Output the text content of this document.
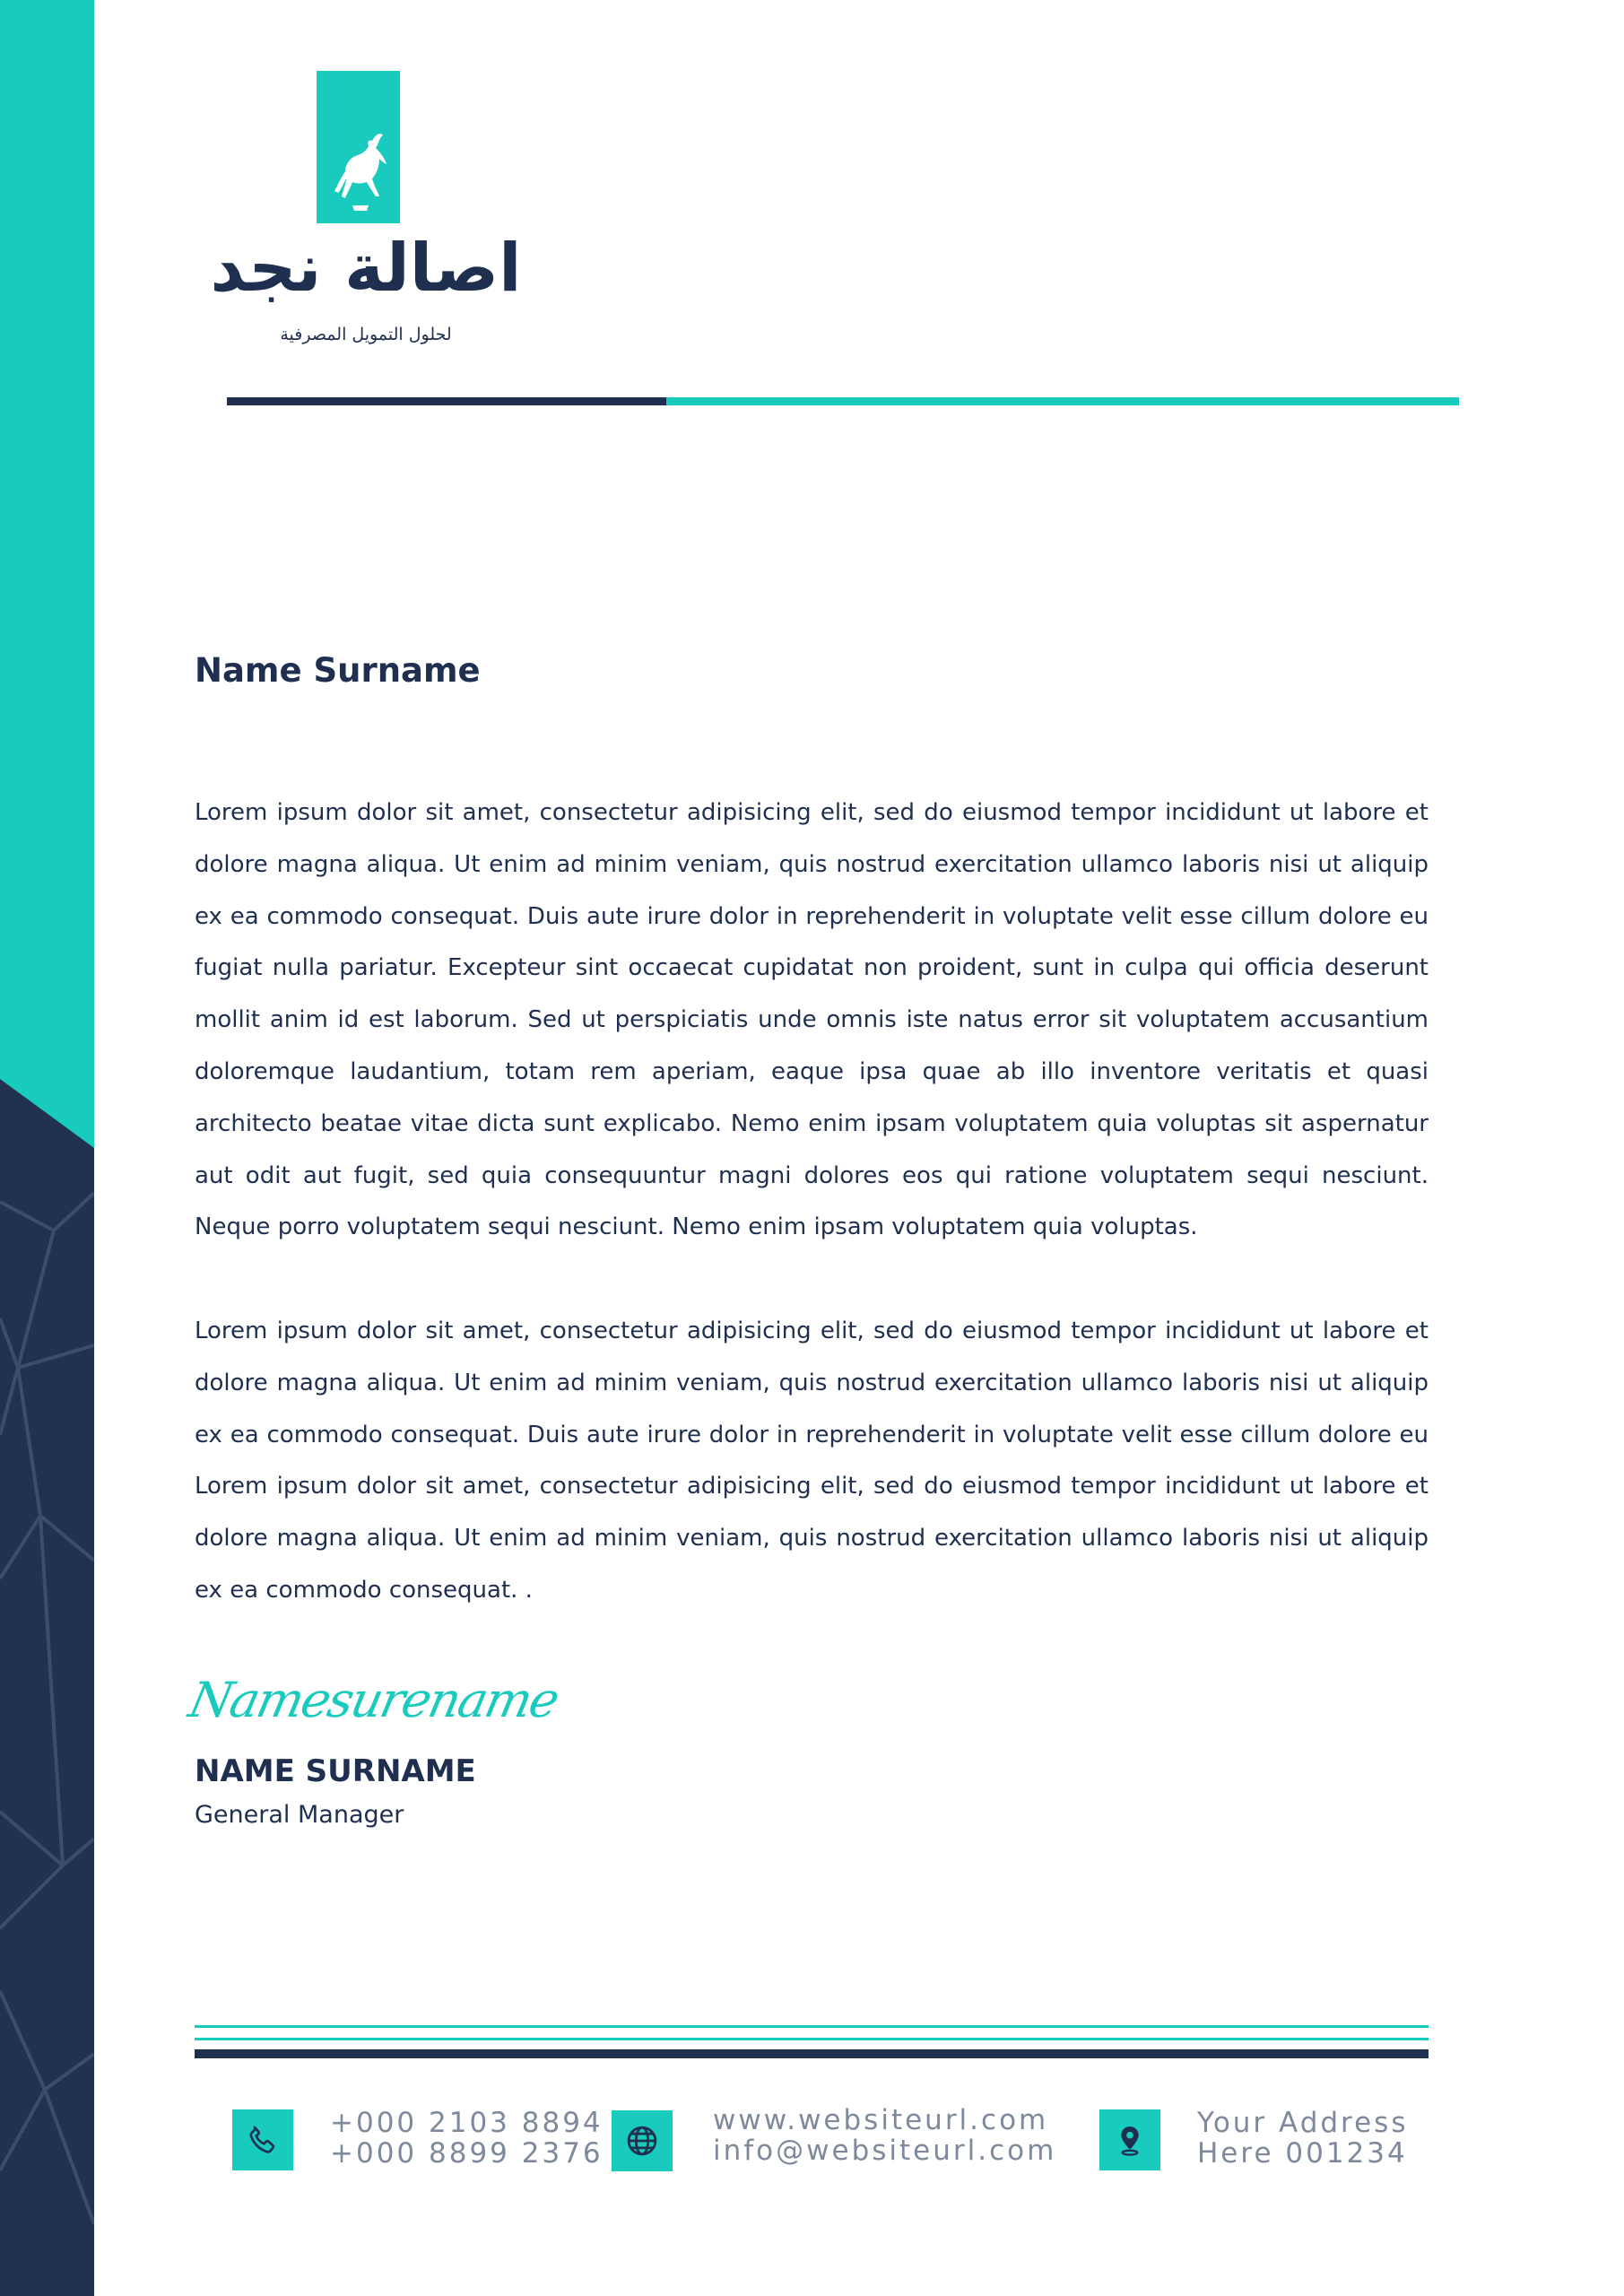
اصالة نجد
لحلول التمويل المصرفية
Name Surname

Lorem ipsum dolor sit amet, consectetur adipisicing elit, sed do eiusmod tempor incididunt ut labore et dolore magna aliqua. Ut enim ad minim veniam, quis nostrud exercitation ullamco laboris nisi ut aliquip ex ea commodo consequat. Duis aute irure dolor in reprehenderit in voluptate velit esse cillum dolore eu fugiat nulla pariatur. Excepteur sint occaecat cupidatat non proident, sunt in culpa qui officia deserunt mollit anim id est laborum. Sed ut perspiciatis unde omnis iste natus error sit voluptatem accusantium doloremque laudantium, totam rem aperiam, eaque ipsa quae ab illo inventore veritatis et quasi architecto beatae vitae dicta sunt explicabo. Nemo enim ipsam voluptatem quia voluptas sit aspernatur aut odit aut fugit, sed quia consequuntur magni dolores eos qui ratione voluptatem sequi nesciunt. Neque porro voluptatem sequi nesciunt. Nemo enim ipsam voluptatem quia voluptas.

Lorem ipsum dolor sit amet, consectetur adipisicing elit, sed do eiusmod tempor incididunt ut labore et dolore magna aliqua. Ut enim ad minim veniam, quis nostrud exercitation ullamco laboris nisi ut aliquip ex ea commodo consequat. Duis aute irure dolor in reprehenderit in voluptate velit esse cillum dolore eu Lorem ipsum dolor sit amet, consectetur adipisicing elit, sed do eiusmod tempor incididunt ut labore et dolore magna aliqua. Ut enim ad minim veniam, quis nostrud exercitation ullamco laboris nisi ut aliquip ex ea commodo consequat. .

Namesurename
NAME SURNAME
General Manager
+000 2103 8894
+000 8899 2376
www.websiteurl.com
info@websiteurl.com
Your Address
Here 001234
